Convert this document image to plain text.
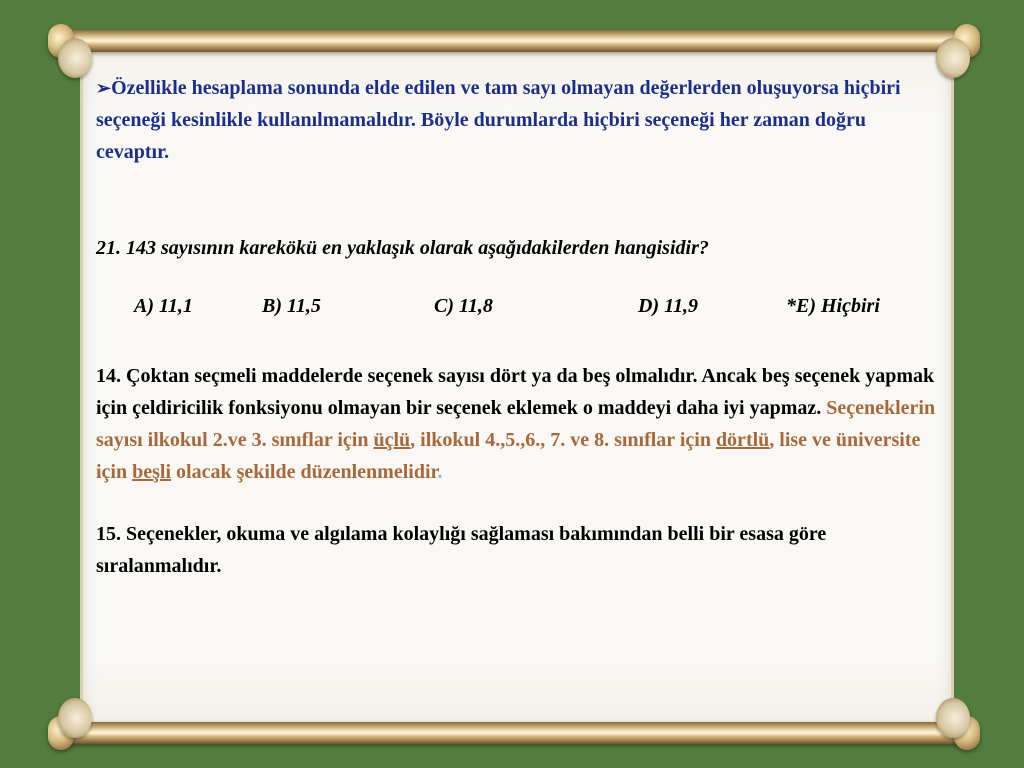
➢Özellikle hesaplama sonunda elde edilen ve tam sayı olmayan değerlerden oluşuyorsa hiçbiri seçeneği kesinlikle kullanılmamalıdır. Böyle durumlarda hiçbiri seçeneği her zaman doğru cevaptır.

21. 143 sayısının karekökü en yaklaşık olarak aşağıdakilerden hangisidir?

A) 11,1	B) 11,5	C) 11,8	D) 11,9	*E) Hiçbiri

14. Çoktan seçmeli maddelerde seçenek sayısı dört ya da beş olmalıdır. Ancak beş seçenek yapmak için çeldiricilik fonksiyonu olmayan bir seçenek eklemek o maddeyi daha iyi yapmaz. Seçeneklerin sayısı ilkokul 2.ve 3. sınıflar için üçlü, ilkokul 4.,5.,6., 7. ve 8. sınıflar için dörtlü, lise ve üniversite için beşli olacak şekilde düzenlenmelidir.

15. Seçenekler, okuma ve algılama kolaylığı sağlaması bakımından belli bir esasa göre sıralanmalıdır.
